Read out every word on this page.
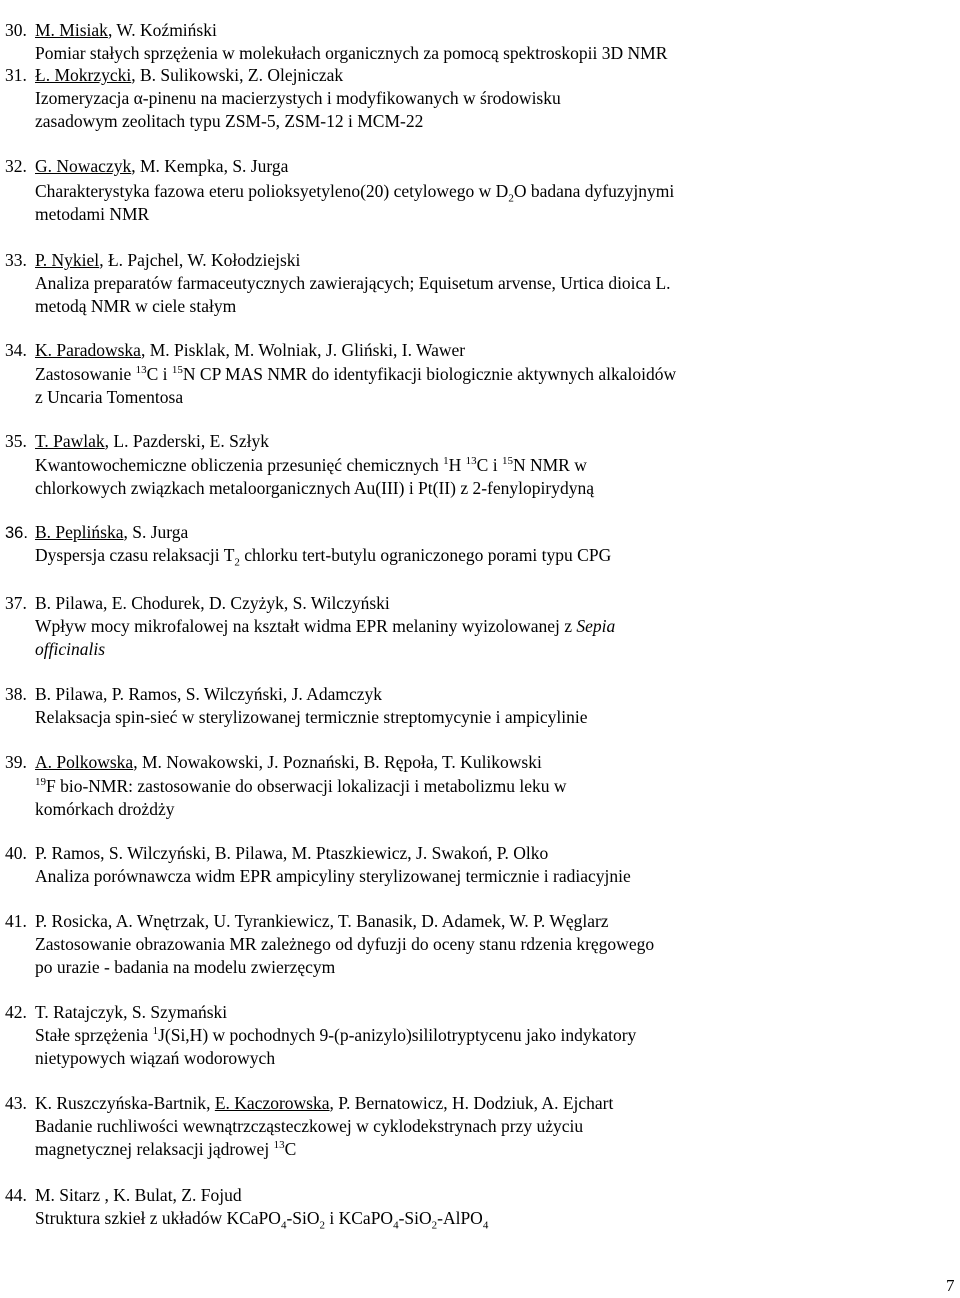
30. M. Misiak, W. Koźmiński
Pomiar stałych sprzężenia w molekułach organicznych za pomocą spektroskopii 3D NMR
31. Ł. Mokrzycki, B. Sulikowski, Z. Olejniczak
Izomeryzacja α-pinenu na macierzystych i modyfikowanych w środowisku
zasadowym zeolitach typu ZSM-5, ZSM-12 i MCM-22
32. G. Nowaczyk, M. Kempka, S. Jurga
Charakterystyka fazowa eteru polioksyetyleno(20) cetylowego w $D_2O$ badana dyfuzyjnymi
metodami NMR
33. P. Nykiel, Ł. Pajchel, W. Kołodziejski
Analiza preparatów farmaceutycznych zawierających; Equisetum arvense, Urtica dioica L.
metodą NMR w ciele stałym
34. K. Paradowska, M. Pisklak, M. Wolniak, J. Gliński, I. Wawer
Zastosowanie $^{13}$C i $^{15}$N CP MAS NMR do identyfikacji biologicznie aktywnych alkaloidów
z Uncaria Tomentosa
35. T. Pawlak, L. Pazderski, E. Szłyk
Kwantowochemiczne obliczenia przesunięć chemicznych $^1$H $^{13}$C i $^{15}$N NMR w
chlorkowych związkach metaloorganicznych Au(III) i Pt(II) z 2-fenylopirydyną
36. B. Peplińska, S. Jurga
Dyspersja czasu relaksacji $T_2$ chlorku tert-butylu ograniczonego porami typu CPG
37. B. Pilawa, E. Chodurek, D. Czyżyk, S. Wilczyński
Wpływ mocy mikrofalowej na kształt widma EPR melaniny wyizolowanej z Sepia
officinalis
38. B. Pilawa, P. Ramos, S. Wilczyński, J. Adamczyk
Relaksacja spin-sieć w sterylizowanej termicznie streptomycynie i ampicylinie
39. A. Polkowska, M. Nowakowski, J. Poznański, B. Rępoła, T. Kulikowski
$^{19}$F bio-NMR: zastosowanie do obserwacji lokalizacji i metabolizmu leku w
komórkach drożdży
40. P. Ramos, S. Wilczyński, B. Pilawa, M. Ptaszkiewicz, J. Swakoń, P. Olko
Analiza porównawcza widm EPR ampicyliny sterylizowanej termicznie i radiacyjnie
41. P. Rosicka, A. Wnętrzak, U. Tyrankiewicz, T. Banasik, D. Adamek, W. P. Węglarz
Zastosowanie obrazowania MR zależnego od dyfuzji do oceny stanu rdzenia kręgowego
po urazie - badania na modelu zwierzęcym
42. T. Ratajczyk, S. Szymański
Stałe sprzężenia $^1$J(Si,H) w pochodnych 9-(p-anizylo)sililotryptycenu jako indykatory
nietypowych wiązań wodorowych
43. K. Ruszczyńska-Bartnik, E. Kaczorowska, P. Bernatowicz, H. Dodziuk, A. Ejchart
Badanie ruchliwości wewnątrzcząsteczkowej w cyklodekstrynach przy użyciu
magnetycznej relaksacji jądrowej $^{13}$C
44. M. Sitarz , K. Bulat, Z. Fojud
Struktura szkieł z układów KCaPO$_4$-SiO$_2$ i KCaPO$_4$-SiO$_2$-AlPO$_4$
7
